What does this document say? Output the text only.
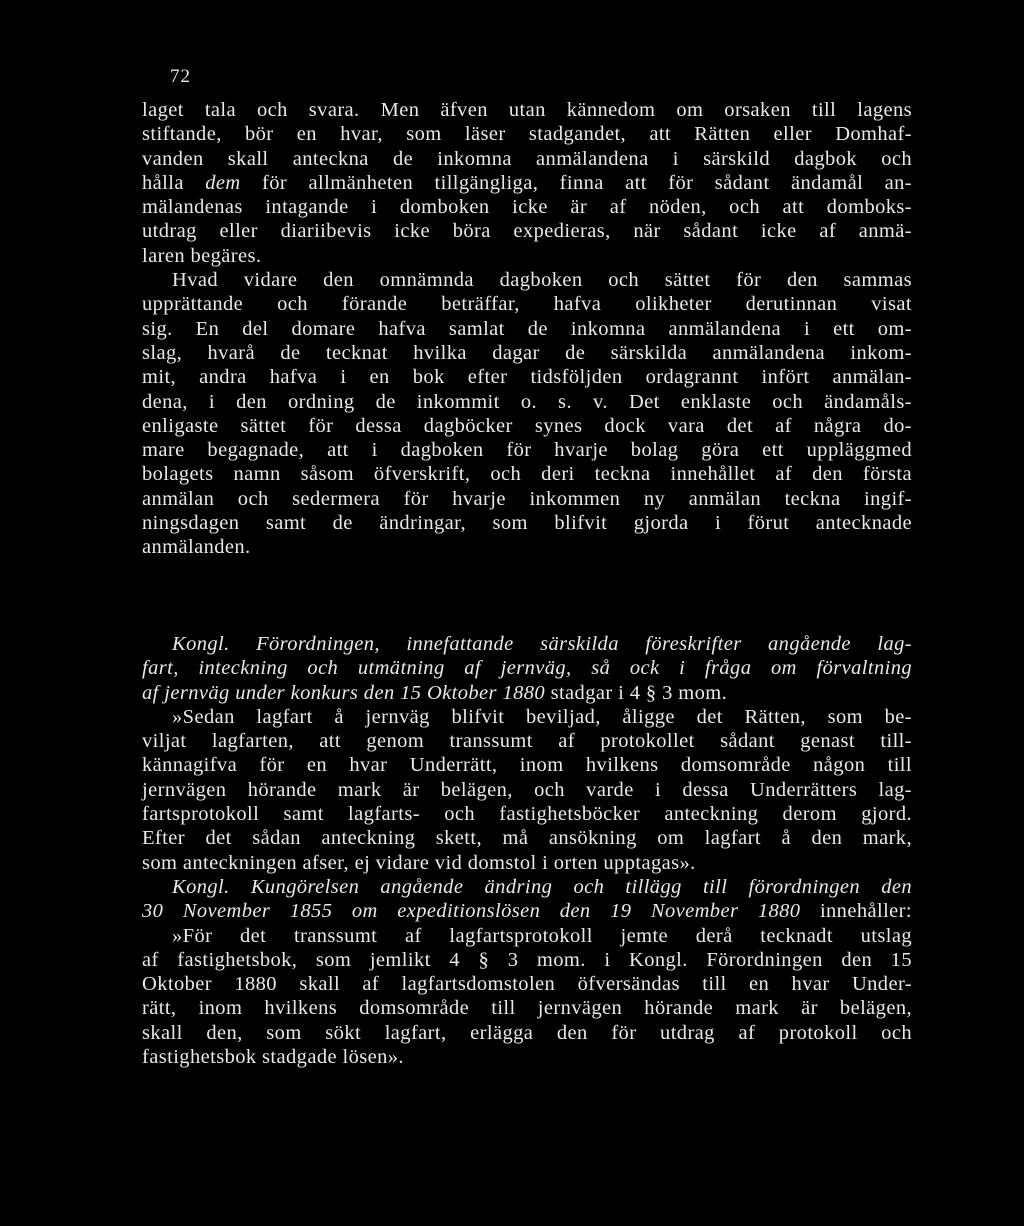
72
laget tala och svara. Men äfven utan kännedom om orsaken till lagens
stiftande, bör en hvar, som läser stadgandet, att Rätten eller Domhaf-
vanden skall anteckna de inkomna anmälandena i särskild dagbok och
hålla dem för allmänheten tillgängliga, finna att för sådant ändamål an-
mälandenas intagande i domboken icke är af nöden, och att domboks-
utdrag eller diariibevis icke böra expedieras, när sådant icke af anmä-
laren begäres.
Hvad vidare den omnämnda dagboken och sättet för den sammas
upprättande och förande beträffar, hafva olikheter derutinnan visat
sig. En del domare hafva samlat de inkomna anmälandena i ett om-
slag, hvarå de tecknat hvilka dagar de särskilda anmälandena inkom-
mit, andra hafva i en bok efter tidsföljden ordagrannt infört anmälan-
dena, i den ordning de inkommit o. s. v. Det enklaste och ändamåls-
enligaste sättet för dessa dagböcker synes dock vara det af några do-
mare begagnade, att i dagboken för hvarje bolag göra ett uppläggmed
bolagets namn såsom öfverskrift, och deri teckna innehållet af den första
anmälan och sedermera för hvarje inkommen ny anmälan teckna ingif-
ningsdagen samt de ändringar, som blifvit gjorda i förut antecknade
anmälanden.
Kongl. Förordningen, innefattande särskilda föreskrifter angående lag-
fart, inteckning och utmätning af jernväg, så ock i fråga om förvaltning
af jernväg under konkurs den 15 Oktober 1880 stadgar i 4 § 3 mom.
»Sedan lagfart å jernväg blifvit beviljad, åligge det Rätten, som be-
viljat lagfarten, att genom transsumt af protokollet sådant genast till-
kännagifva för en hvar Underrätt, inom hvilkens domsområde någon till
jernvägen hörande mark är belägen, och varde i dessa Underrätters lag-
fartsprotokoll samt lagfarts- och fastighetsböcker anteckning derom gjord.
Efter det sådan anteckning skett, må ansökning om lagfart å den mark,
som anteckningen afser, ej vidare vid domstol i orten upptagas».
Kongl. Kungörelsen angående ändring och tillägg till förordningen den
30 November 1855 om expeditionslösen den 19 November 1880 innehåller:
»För det transsumt af lagfartsprotokoll jemte derå tecknadt utslag
af fastighetsbok, som jemlikt 4 § 3 mom. i Kongl. Förordningen den 15
Oktober 1880 skall af lagfartsdomstolen öfversändas till en hvar Under-
rätt, inom hvilkens domsområde till jernvägen hörande mark är belägen,
skall den, som sökt lagfart, erlägga den för utdrag af protokoll och
fastighetsbok stadgade lösen».
